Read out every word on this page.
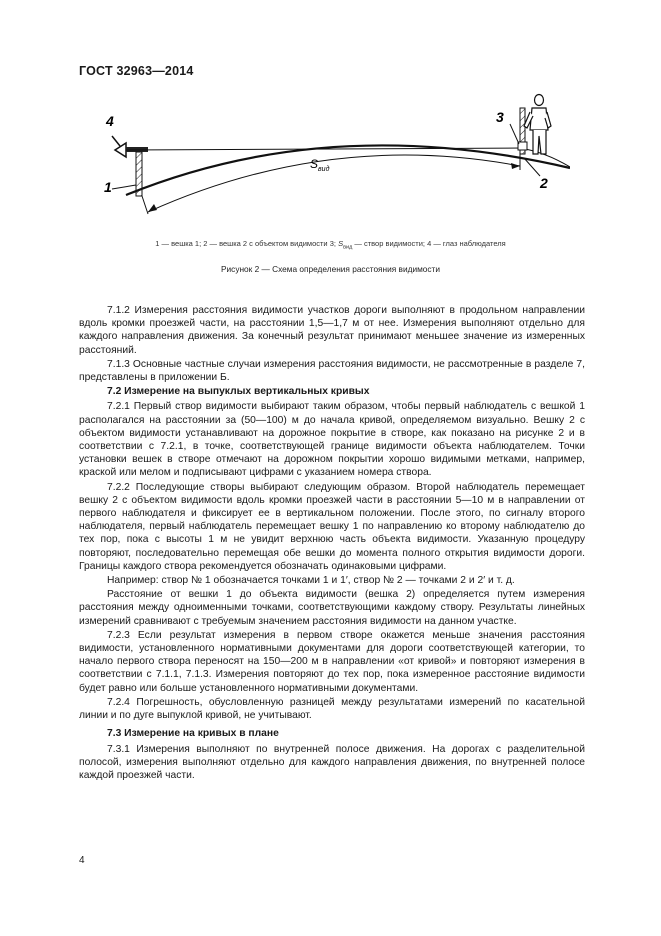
ГОСТ 32963—2014
4
1
$S_{вид}$
3
2
1 — вешка 1; 2 — вешка 2 с объектом видимости 3; $S_{вид}$ — створ видимости; 4 — глаз наблюдателя
Рисунок 2 — Схема определения расстояния видимости

7.1.2 Измерения расстояния видимости участков дороги выполняют в продольном направлении вдоль кромки проезжей части, на расстоянии 1,5—1,7 м от нее. Измерения выполняют отдельно для каждого направления движения. За конечный результат принимают меньшее значение из измеренных расстояний.

7.1.3 Основные частные случаи измерения расстояния видимости, не рассмотренные в разделе 7, представлены в приложении Б.

7.2 Измерение на выпуклых вертикальных кривых

7.2.1 Первый створ видимости выбирают таким образом, чтобы первый наблюдатель с вешкой 1 располагался на расстоянии за (50—100) м до начала кривой, определяемом визуально. Вешку 2 с объектом видимости устанавливают на дорожное покрытие в створе, как показано на рисунке 2 и в соответствии с 7.2.1, в точке, соответствующей границе видимости объекта наблюдателем. Точки установки вешек в створе отмечают на дорожном покрытии хорошо видимыми метками, например, краской или мелом и подписывают цифрами с указанием номера створа.

7.2.2 Последующие створы выбирают следующим образом. Второй наблюдатель перемещает вешку 2 с объектом видимости вдоль кромки проезжей части в расстоянии 5—10 м в направлении от первого наблюдателя и фиксирует ее в вертикальном положении. После этого, по сигналу второго наблюдателя, первый наблюдатель перемещает вешку 1 по направлению ко второму наблюдателю до тех пор, пока с высоты 1 м не увидит верхнюю часть объекта видимости. Указанную процедуру повторяют, последовательно перемещая обе вешки до момента полного открытия видимости дороги. Границы каждого створа рекомендуется обозначать одинаковыми цифрами.

Например: створ № 1 обозначается точками 1 и 1′, створ № 2 — точками 2 и 2′ и т. д.

Расстояние от вешки 1 до объекта видимости (вешка 2) определяется путем измерения расстояния между одноименными точками, соответствующими каждому створу. Результаты линейных измерений сравнивают с требуемым значением расстояния видимости на данном участке.

7.2.3 Если результат измерения в первом створе окажется меньше значения расстояния видимости, установленного нормативными документами для дороги соответствующей категории, то начало первого створа переносят на 150—200 м в направлении «от кривой» и повторяют измерения в соответствии с 7.1.1, 7.1.3. Измерения повторяют до тех пор, пока измеренное расстояние видимости будет равно или больше установленного нормативными документами.

7.2.4 Погрешность, обусловленную разницей между результатами измерений по касательной линии и по дуге выпуклой кривой, не учитывают.

7.3 Измерение на кривых в плане

7.3.1 Измерения выполняют по внутренней полосе движения. На дорогах с разделительной полосой, измерения выполняют отдельно для каждого направления движения, по внутренней полосе каждой проезжей части.

4
